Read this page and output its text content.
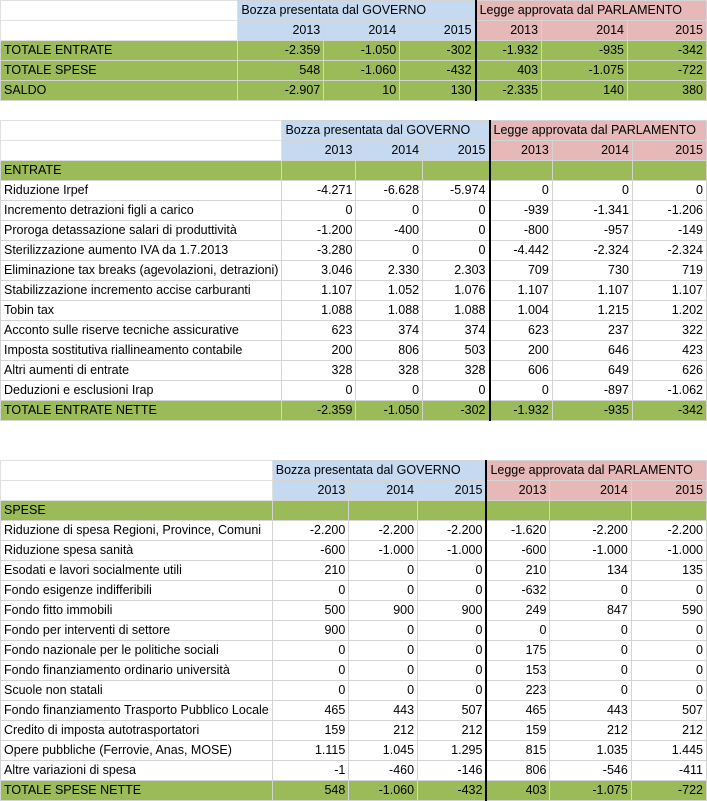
	Bozza presentata dal GOVERNO			Legge approvata dal PARLAMENTO		
	2013	2014	2015	2013	2014	2015
TOTALE ENTRATE	-2.359	-1.050	-302	-1.932	-935	-342
TOTALE SPESE	548	-1.060	-432	403	-1.075	-722
SALDO	-2.907	10	130	-2.335	140	380
	Bozza presentata dal GOVERNO			Legge approvata dal PARLAMENTO		
	2013	2014	2015	2013	2014	2015
ENTRATE						
Riduzione Irpef	-4.271	-6.628	-5.974	0	0	0
Incremento detrazioni figli a carico	0	0	0	-939	-1.341	-1.206
Proroga detassazione salari di produttività	-1.200	-400	0	-800	-957	-149
Sterilizzazione aumento IVA da 1.7.2013	-3.280	0	0	-4.442	-2.324	-2.324
Eliminazione tax breaks (agevolazioni, detrazioni)	3.046	2.330	2.303	709	730	719
Stabilizzazione incremento accise carburanti	1.107	1.052	1.076	1.107	1.107	1.107
Tobin tax	1.088	1.088	1.088	1.004	1.215	1.202
Acconto sulle riserve tecniche assicurative	623	374	374	623	237	322
Imposta sostitutiva riallineamento contabile	200	806	503	200	646	423
Altri aumenti di entrate	328	328	328	606	649	626
Deduzioni e esclusioni Irap	0	0	0	0	-897	-1.062
TOTALE ENTRATE NETTE	-2.359	-1.050	-302	-1.932	-935	-342
	Bozza presentata dal GOVERNO			Legge approvata dal PARLAMENTO		
	2013	2014	2015	2013	2014	2015
SPESE						
Riduzione di spesa Regioni, Province, Comuni	-2.200	-2.200	-2.200	-1.620	-2.200	-2.200
Riduzione spesa sanità	-600	-1.000	-1.000	-600	-1.000	-1.000
Esodati e lavori socialmente utili	210	0	0	210	134	135
Fondo esigenze indifferibili	0	0	0	-632	0	0
Fondo fitto immobili	500	900	900	249	847	590
Fondo per interventi di settore	900	0	0	0	0	0
Fondo nazionale per le politiche sociali	0	0	0	175	0	0
Fondo finanziamento ordinario università	0	0	0	153	0	0
Scuole non statali	0	0	0	223	0	0
Fondo finanziamento Trasporto Pubblico Locale	465	443	507	465	443	507
Credito di imposta autotrasportatori	159	212	212	159	212	212
Opere pubbliche (Ferrovie, Anas, MOSE)	1.115	1.045	1.295	815	1.035	1.445
Altre variazioni di spesa	-1	-460	-146	806	-546	-411
TOTALE SPESE NETTE	548	-1.060	-432	403	-1.075	-722
